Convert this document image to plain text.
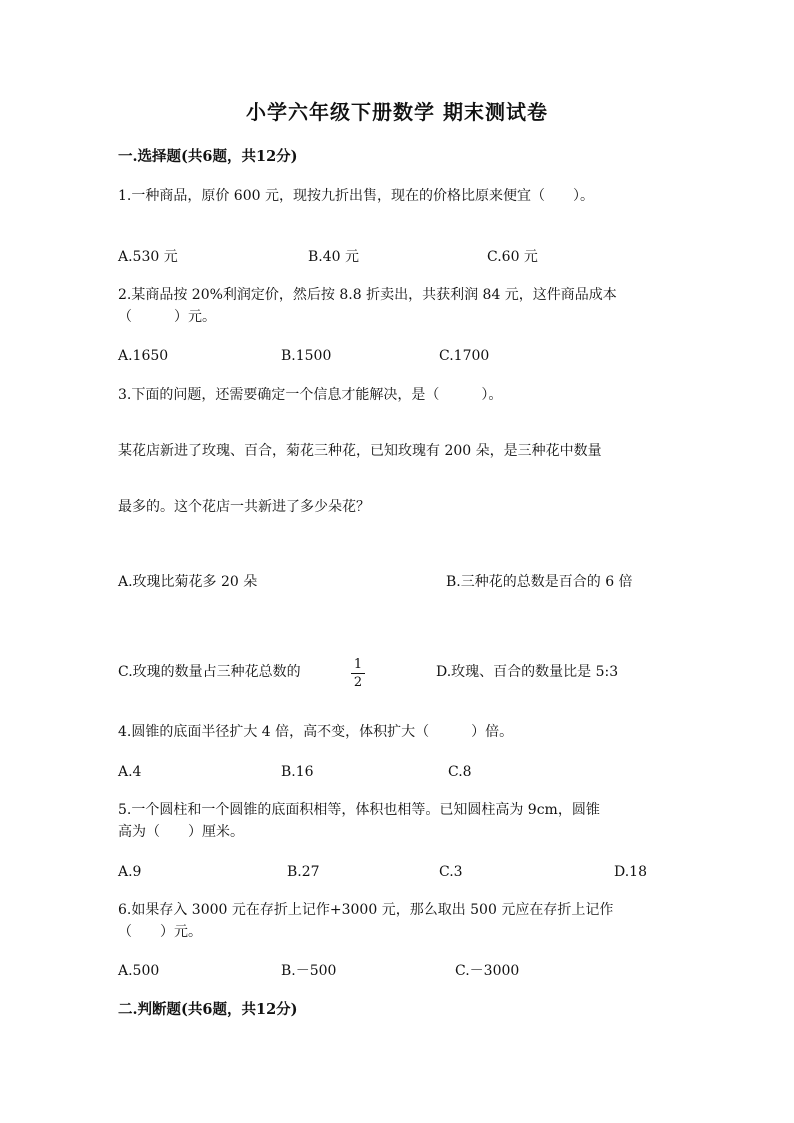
小学六年级下册数学 期末测试卷
一.选择题(共6题，共12分)
1.一种商品，原价 600 元，现按九折出售，现在的价格比原来便宜（　　）。
A.530 元	B.40 元	C.60 元
2.某商品按 20%利润定价，然后按 8.8 折卖出，共获利润 84 元，这件商品成本
（　　　）元。
A.1650	B.1500	C.1700
3.下面的问题，还需要确定一个信息才能解决，是（　　　）。
某花店新进了玫瑰、百合，菊花三种花，已知玫瑰有 200 朵，是三种花中数量
最多的。这个花店一共新进了多少朵花？
A.玫瑰比菊花多 20 朵	B.三种花的总数是百合的 6 倍
C.玫瑰的数量占三种花总数的	1
2
D.玫瑰、百合的数量比是 5:3
4.圆锥的底面半径扩大 4 倍，高不变，体积扩大（　　　）倍。
A.4	B.16	C.8
5.一个圆柱和一个圆锥的底面积相等，体积也相等。已知圆柱高为 9cm，圆锥
高为（　　）厘米。
A.9	B.27	C.3	D.18
6.如果存入 3000 元在存折上记作+3000 元，那么取出 500 元应在存折上记作
（　　）元。
A.500	B.－500	C.－3000
二.判断题(共6题，共12分)
